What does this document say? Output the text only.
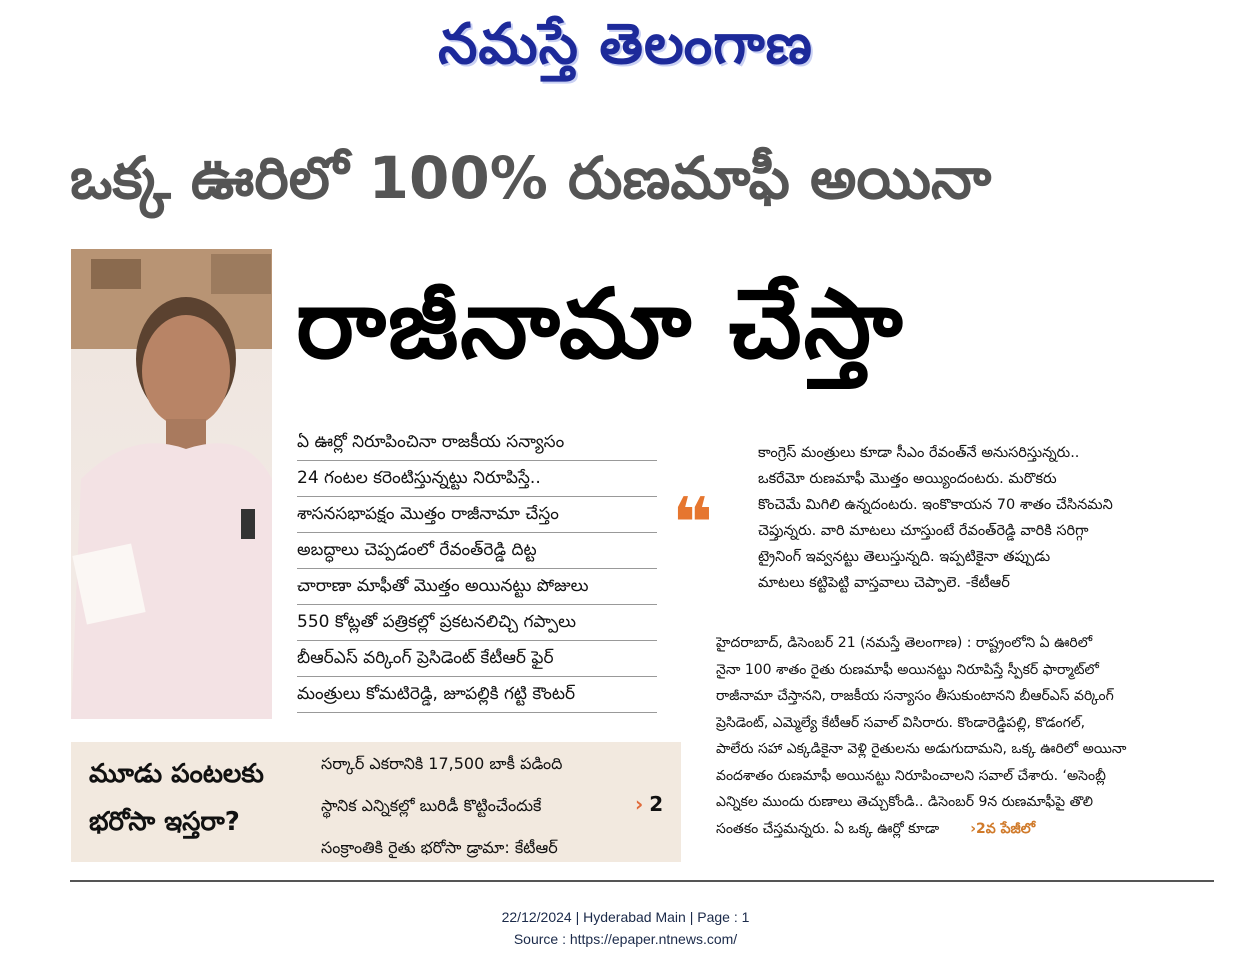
నమస్తే తెలంగాణ
ఒక్క ఊరిలో 100% రుణమాఫీ అయినా
రాజీనామా చేస్తా
ఏ ఊర్లో నిరూపించినా రాజకీయ సన్యాసం
24 గంటల కరెంటిస్తున్నట్టు నిరూపిస్తే..
శాసనసభాపక్షం మొత్తం రాజీనామా చేస్తం
అబద్ధాలు చెప్పడంలో రేవంత్‌రెడ్డి దిట్ట
చారాణా మాఫీతో మొత్తం అయినట్టు పోజులు
550 కోట్లతో పత్రికల్లో ప్రకటనలిచ్చి గప్పాలు
బీఆర్‌ఎస్ వర్కింగ్ ప్రెసిడెంట్ కేటీఆర్ ఫైర్
మంత్రులు కోమటిరెడ్డి, జూపల్లికి గట్టి కౌంటర్
❝
కాంగ్రెస్ మంత్రులు కూడా సీఎం రేవంత్‌నే అనుసరిస్తున్నరు..
ఒకరేమో రుణమాఫీ మొత్తం అయ్యిందంటరు. మరొకరు
కొంచెమే మిగిలి ఉన్నదంటరు. ఇంకొకాయన 70 శాతం చేసినమని
చెప్తున్నరు. వారి మాటలు చూస్తుంటే రేవంత్‌రెడ్డి వారికి సరిగ్గా
ట్రైనింగ్ ఇవ్వనట్టు తెలుస్తున్నది. ఇప్పటికైనా తప్పుడు
మాటలు కట్టిపెట్టి వాస్తవాలు చెప్పాలె. -కేటీఆర్
హైదరాబాద్, డిసెంబర్ 21 (నమస్తే తెలంగాణ) : రాష్ట్రంలోని ఏ ఊరిలో
నైనా 100 శాతం రైతు రుణమాఫీ అయినట్టు నిరూపిస్తే స్పీకర్ ఫార్మాట్‌లో
రాజీనామా చేస్తానని, రాజకీయ సన్యాసం తీసుకుంటానని బీఆర్‌ఎస్ వర్కింగ్
ప్రెసిడెంట్, ఎమ్మెల్యే కేటీఆర్ సవాల్ విసిరారు. కొండారెడ్డిపల్లి, కొడంగల్,
పాలేరు సహా ఎక్కడికైనా వెళ్లి రైతులను అడుగుదామని, ఒక్క ఊరిలో అయినా
వందశాతం రుణమాఫీ అయినట్టు నిరూపించాలని సవాల్ చేశారు. ‘అసెంబ్లీ
ఎన్నికల ముందు రుణాలు తెచ్చుకోండి.. డిసెంబర్ 9న రుణమాఫీపై తొలి
సంతకం చేస్తమన్నరు. ఏ ఒక్క ఊర్లో కూడా ›2వ పేజీలో
మూడు పంటలకు
భరోసా ఇస్తరా?
సర్కార్ ఎకరానికి 17,500 బాకీ పడింది
స్థానిక ఎన్నికల్లో బురిడీ కొట్టించేందుకే
సంక్రాంతికి రైతు భరోసా డ్రామా: కేటీఆర్
› 2
22/12/2024 | Hyderabad Main | Page : 1
Source : https://epaper.ntnews.com/
